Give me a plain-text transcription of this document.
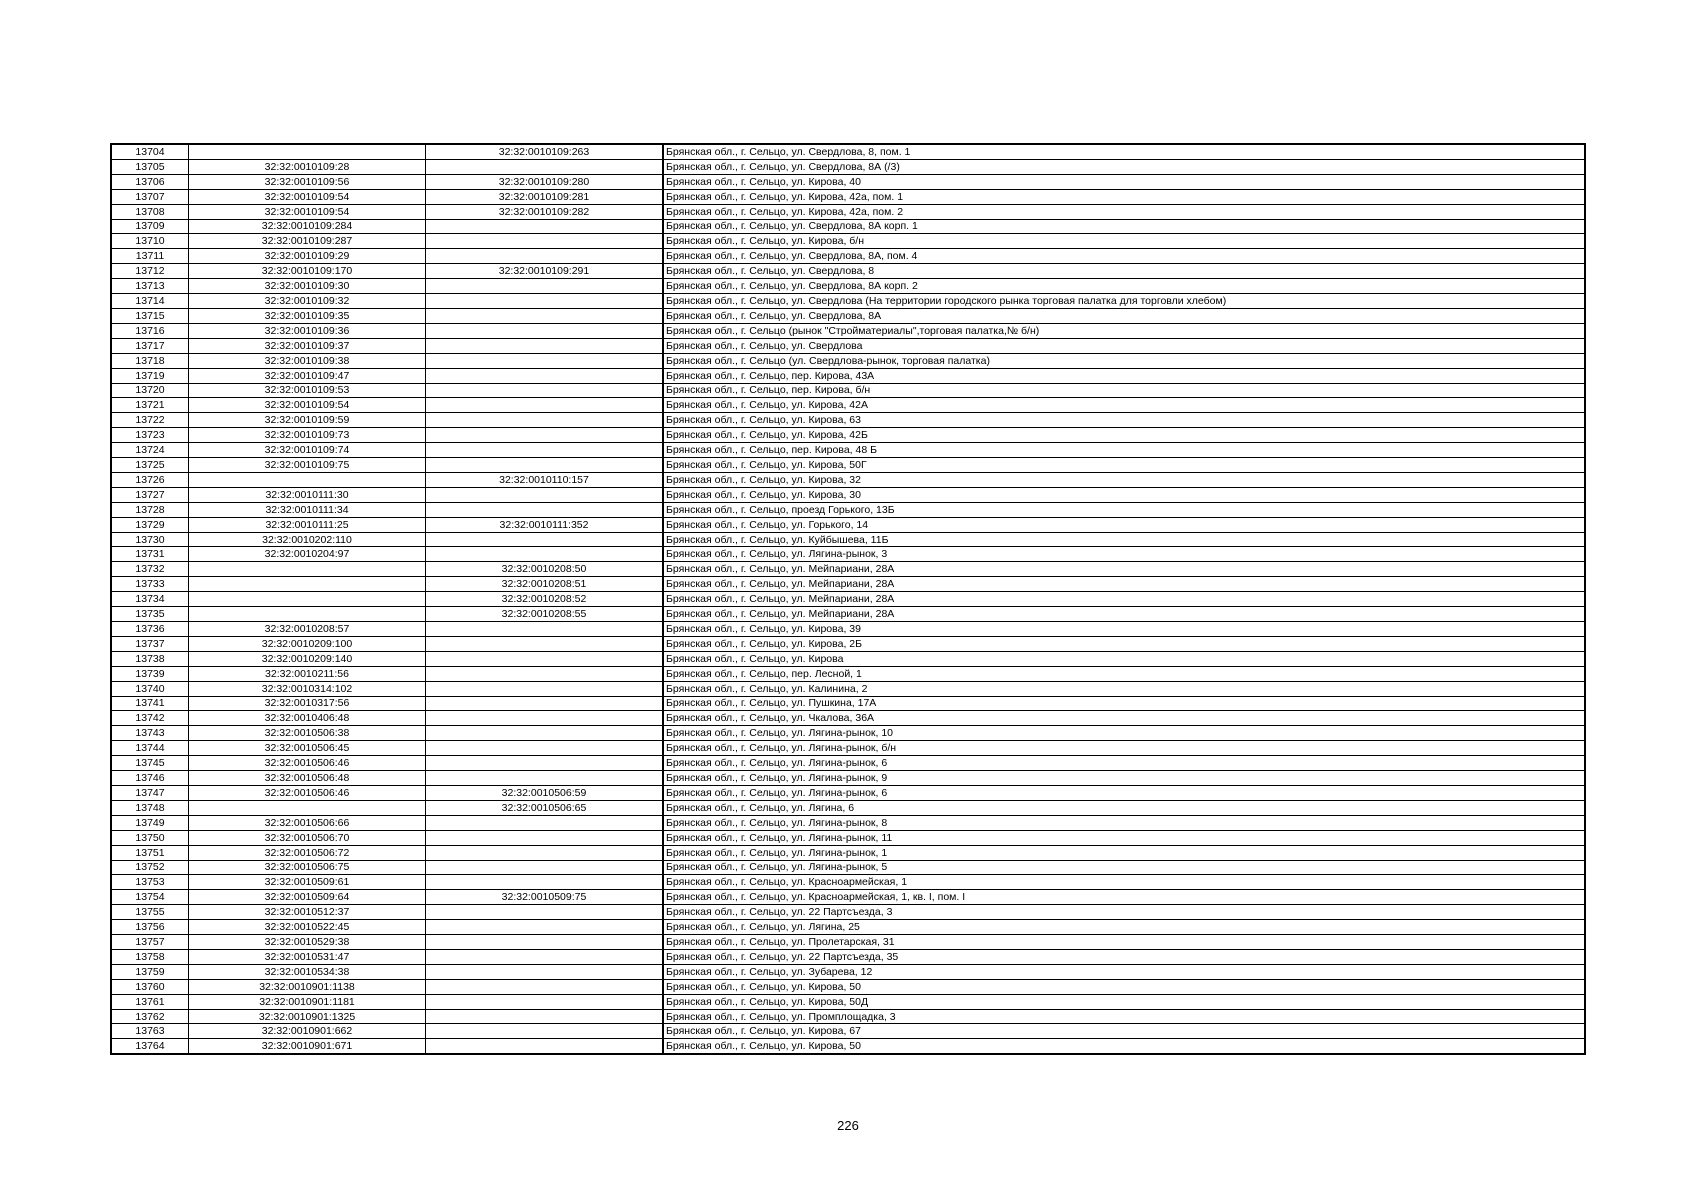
13704		32:32:0010109:263	Брянская обл., г. Сельцо, ул. Свердлова, 8, пом. 1
13705	32:32:0010109:28		Брянская обл., г. Сельцо, ул. Свердлова, 8А (/3)
13706	32:32:0010109:56	32:32:0010109:280	Брянская обл., г. Сельцо, ул. Кирова, 40
13707	32:32:0010109:54	32:32:0010109:281	Брянская обл., г. Сельцо, ул. Кирова, 42а, пом. 1
13708	32:32:0010109:54	32:32:0010109:282	Брянская обл., г. Сельцо, ул. Кирова, 42а, пом. 2
13709	32:32:0010109:284		Брянская обл., г. Сельцо, ул. Свердлова, 8А корп. 1
13710	32:32:0010109:287		Брянская обл., г. Сельцо, ул. Кирова, б/н
13711	32:32:0010109:29		Брянская обл., г. Сельцо, ул. Свердлова, 8А, пом. 4
13712	32:32:0010109:170	32:32:0010109:291	Брянская обл., г. Сельцо, ул. Свердлова, 8
13713	32:32:0010109:30		Брянская обл., г. Сельцо, ул. Свердлова, 8А корп. 2
13714	32:32:0010109:32		Брянская обл., г. Сельцо, ул. Свердлова (На территории городского рынка торговая палатка для торговли хлебом)
13715	32:32:0010109:35		Брянская обл., г. Сельцо, ул. Свердлова, 8А
13716	32:32:0010109:36		Брянская обл., г. Сельцо (рынок "Стройматериалы",торговая палатка,№ б/н)
13717	32:32:0010109:37		Брянская обл., г. Сельцо, ул. Свердлова
13718	32:32:0010109:38		Брянская обл., г. Сельцо (ул. Свердлова-рынок, торговая палатка)
13719	32:32:0010109:47		Брянская обл., г. Сельцо, пер. Кирова, 43А
13720	32:32:0010109:53		Брянская обл., г. Сельцо, пер. Кирова, б/н
13721	32:32:0010109:54		Брянская обл., г. Сельцо, ул. Кирова, 42А
13722	32:32:0010109:59		Брянская обл., г. Сельцо, ул. Кирова, 63
13723	32:32:0010109:73		Брянская обл., г. Сельцо, ул. Кирова, 42Б
13724	32:32:0010109:74		Брянская обл., г. Сельцо, пер. Кирова, 48 Б
13725	32:32:0010109:75		Брянская обл., г. Сельцо, ул. Кирова, 50Г
13726		32:32:0010110:157	Брянская обл., г. Сельцо, ул. Кирова, 32
13727	32:32:0010111:30		Брянская обл., г. Сельцо, ул. Кирова, 30
13728	32:32:0010111:34		Брянская обл., г. Сельцо, проезд Горького, 13Б
13729	32:32:0010111:25	32:32:0010111:352	Брянская обл., г. Сельцо, ул. Горького, 14
13730	32:32:0010202:110		Брянская обл., г. Сельцо, ул. Куйбышева, 11Б
13731	32:32:0010204:97		Брянская обл., г. Сельцо, ул. Лягина-рынок, 3
13732		32:32:0010208:50	Брянская обл., г. Сельцо, ул. Мейпариани, 28А
13733		32:32:0010208:51	Брянская обл., г. Сельцо, ул. Мейпариани, 28А
13734		32:32:0010208:52	Брянская обл., г. Сельцо, ул. Мейпариани, 28А
13735		32:32:0010208:55	Брянская обл., г. Сельцо, ул. Мейпариани, 28А
13736	32:32:0010208:57		Брянская обл., г. Сельцо, ул. Кирова, 39
13737	32:32:0010209:100		Брянская обл., г. Сельцо, ул. Кирова, 2Б
13738	32:32:0010209:140		Брянская обл., г. Сельцо, ул. Кирова
13739	32:32:0010211:56		Брянская обл., г. Сельцо, пер. Лесной, 1
13740	32:32:0010314:102		Брянская обл., г. Сельцо, ул. Калинина, 2
13741	32:32:0010317:56		Брянская обл., г. Сельцо, ул. Пушкина, 17А
13742	32:32:0010406:48		Брянская обл., г. Сельцо, ул. Чкалова, 36А
13743	32:32:0010506:38		Брянская обл., г. Сельцо, ул. Лягина-рынок, 10
13744	32:32:0010506:45		Брянская обл., г. Сельцо, ул. Лягина-рынок, б/н
13745	32:32:0010506:46		Брянская обл., г. Сельцо, ул. Лягина-рынок, 6
13746	32:32:0010506:48		Брянская обл., г. Сельцо, ул. Лягина-рынок, 9
13747	32:32:0010506:46	32:32:0010506:59	Брянская обл., г. Сельцо, ул. Лягина-рынок, 6
13748		32:32:0010506:65	Брянская обл., г. Сельцо, ул. Лягина, 6
13749	32:32:0010506:66		Брянская обл., г. Сельцо, ул. Лягина-рынок, 8
13750	32:32:0010506:70		Брянская обл., г. Сельцо, ул. Лягина-рынок, 11
13751	32:32:0010506:72		Брянская обл., г. Сельцо, ул. Лягина-рынок, 1
13752	32:32:0010506:75		Брянская обл., г. Сельцо, ул. Лягина-рынок, 5
13753	32:32:0010509:61		Брянская обл., г. Сельцо, ул. Красноармейская, 1
13754	32:32:0010509:64	32:32:0010509:75	Брянская обл., г. Сельцо, ул. Красноармейская, 1, кв. I, пом. I
13755	32:32:0010512:37		Брянская обл., г. Сельцо, ул. 22 Партсъезда, 3
13756	32:32:0010522:45		Брянская обл., г. Сельцо, ул. Лягина, 25
13757	32:32:0010529:38		Брянская обл., г. Сельцо, ул. Пролетарская, 31
13758	32:32:0010531:47		Брянская обл., г. Сельцо, ул. 22 Партсъезда, 35
13759	32:32:0010534:38		Брянская обл., г. Сельцо, ул. Зубарева, 12
13760	32:32:0010901:1138		Брянская обл., г. Сельцо, ул. Кирова, 50
13761	32:32:0010901:1181		Брянская обл., г. Сельцо, ул. Кирова, 50Д
13762	32:32:0010901:1325		Брянская обл., г. Сельцо, ул. Промплощадка, 3
13763	32:32:0010901:662		Брянская обл., г. Сельцо, ул. Кирова, 67
13764	32:32:0010901:671		Брянская обл., г. Сельцо, ул. Кирова, 50
226
